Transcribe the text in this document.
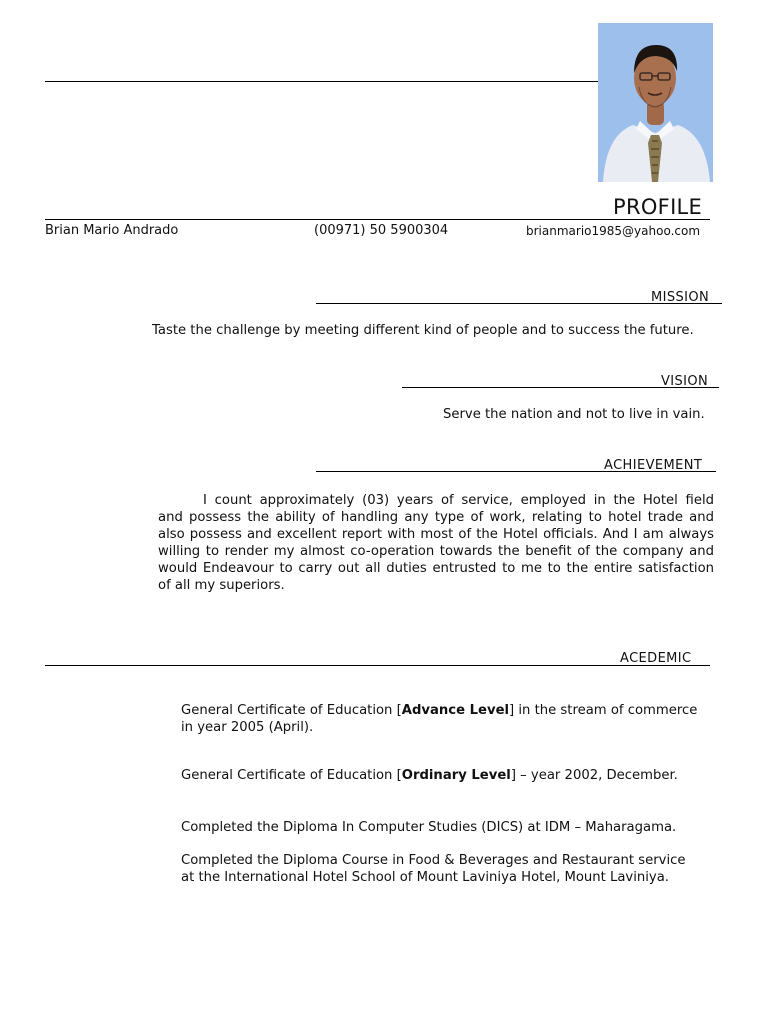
PROFILE
Brian Mario Andrado	(00971) 50 5900304	brianmario1985@yahoo.com
MISSION
Taste the challenge by meeting different kind of people and to success the future.
VISION
Serve the nation and not to live in vain.
ACHIEVEMENT
I count approximately (03) years of service, employed in the Hotel field
and possess the ability of handling any type of work, relating to hotel trade and
also possess and excellent report with most of the Hotel officials. And I am always
willing to render my almost co-operation towards the benefit of the company and
would Endeavour to carry out all duties entrusted to me to the entire satisfaction
of all my superiors.
ACEDEMIC
General Certificate of Education [Advance Level] in the stream of commerce
in year 2005 (April).
General Certificate of Education [Ordinary Level] – year 2002, December.
Completed the Diploma In Computer Studies (DICS) at IDM – Maharagama.
Completed the Diploma Course in Food & Beverages and Restaurant service
at the International Hotel School of Mount Laviniya Hotel, Mount Laviniya.
